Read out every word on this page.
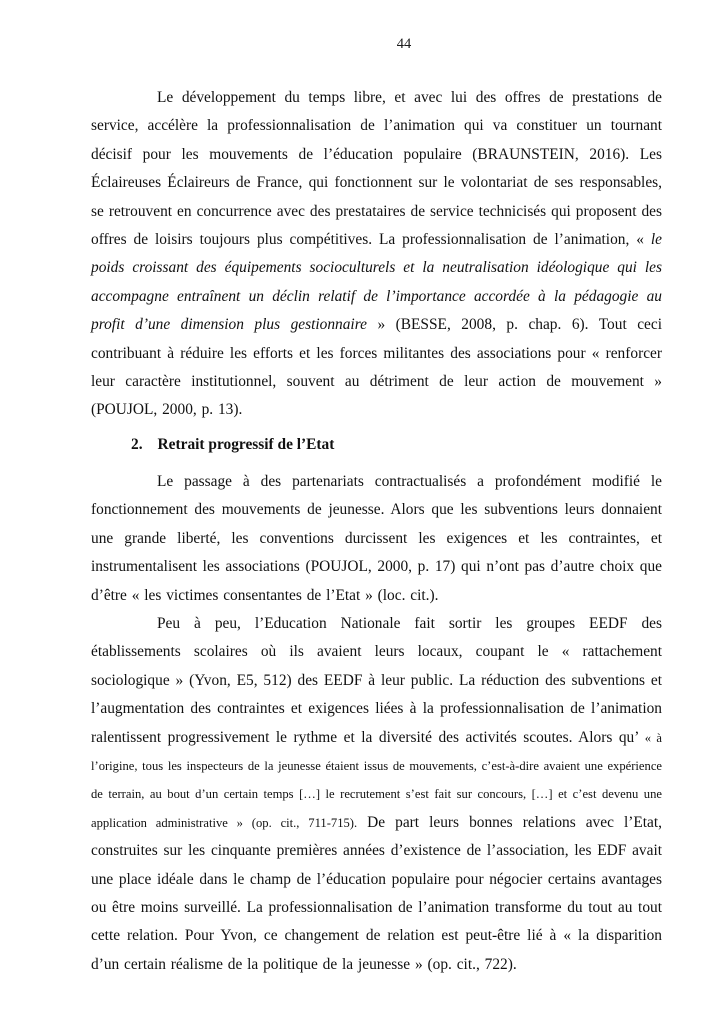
44

Le développement du temps libre, et avec lui des offres de prestations de service, accélère la professionnalisation de l’animation qui va constituer un tournant décisif pour les mouvements de l’éducation populaire (BRAUNSTEIN, 2016). Les Éclaireuses Éclaireurs de France, qui fonctionnent sur le volontariat de ses responsables, se retrouvent en concurrence avec des prestataires de service technicisés qui proposent des offres de loisirs toujours plus compétitives. La professionnalisation de l’animation, « le poids croissant des équipements socioculturels et la neutralisation idéologique qui les accompagne entraînent un déclin relatif de l’importance accordée à la pédagogie au profit d’une dimension plus gestionnaire » (BESSE, 2008, p. chap. 6). Tout ceci contribuant à réduire les efforts et les forces militantes des associations pour « renforcer leur caractère institutionnel, souvent au détriment de leur action de mouvement » (POUJOL, 2000, p. 13).

2. Retrait progressif de l’Etat

Le passage à des partenariats contractualisés a profondément modifié le fonctionnement des mouvements de jeunesse. Alors que les subventions leurs donnaient une grande liberté, les conventions durcissent les exigences et les contraintes, et instrumentalisent les associations (POUJOL, 2000, p. 17) qui n’ont pas d’autre choix que d’être « les victimes consentantes de l’Etat » (loc. cit.).

Peu à peu, l’Education Nationale fait sortir les groupes EEDF des établissements scolaires où ils avaient leurs locaux, coupant le « rattachement sociologique » (Yvon, E5, 512) des EEDF à leur public. La réduction des subventions et l’augmentation des contraintes et exigences liées à la professionnalisation de l’animation ralentissent progressivement le rythme et la diversité des activités scoutes. Alors qu’ « à l’origine, tous les inspecteurs de la jeunesse étaient issus de mouvements, c’est-à-dire avaient une expérience de terrain, au bout d’un certain temps […] le recrutement s’est fait sur concours, […] et c’est devenu une application administrative » (op. cit., 711-715). De part leurs bonnes relations avec l’Etat, construites sur les cinquante premières années d’existence de l’association, les EDF avait une place idéale dans le champ de l’éducation populaire pour négocier certains avantages ou être moins surveillé. La professionnalisation de l’animation transforme du tout au tout cette relation. Pour Yvon, ce changement de relation est peut-être lié à « la disparition d’un certain réalisme de la politique de la jeunesse » (op. cit., 722).
